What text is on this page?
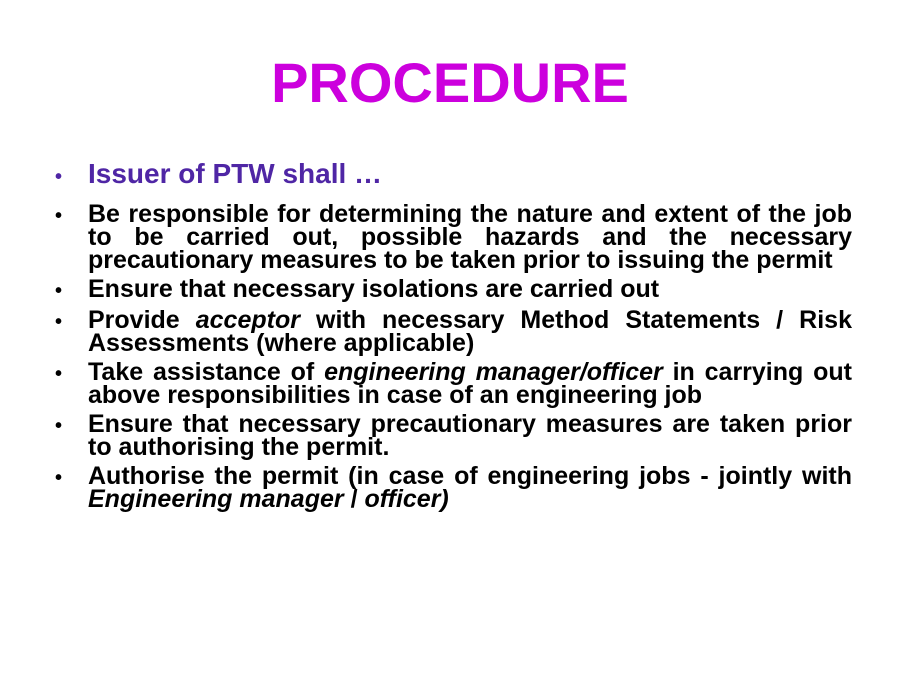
PROCEDURE
• Issuer of PTW shall …
•	Be responsible for determining the nature and extent of the job
to be carried out, possible hazards and the necessary
precautionary measures to be taken prior to issuing the permit
•	Ensure that necessary isolations are carried out
•	Provide acceptor with necessary Method Statements / Risk
Assessments (where applicable)
•	Take assistance of engineering manager/officer in carrying out
above responsibilities in case of an engineering job
•	Ensure that necessary precautionary measures are taken prior
to authorising the permit.
•	Authorise the permit (in case of engineering jobs - jointly with
Engineering manager / officer)
